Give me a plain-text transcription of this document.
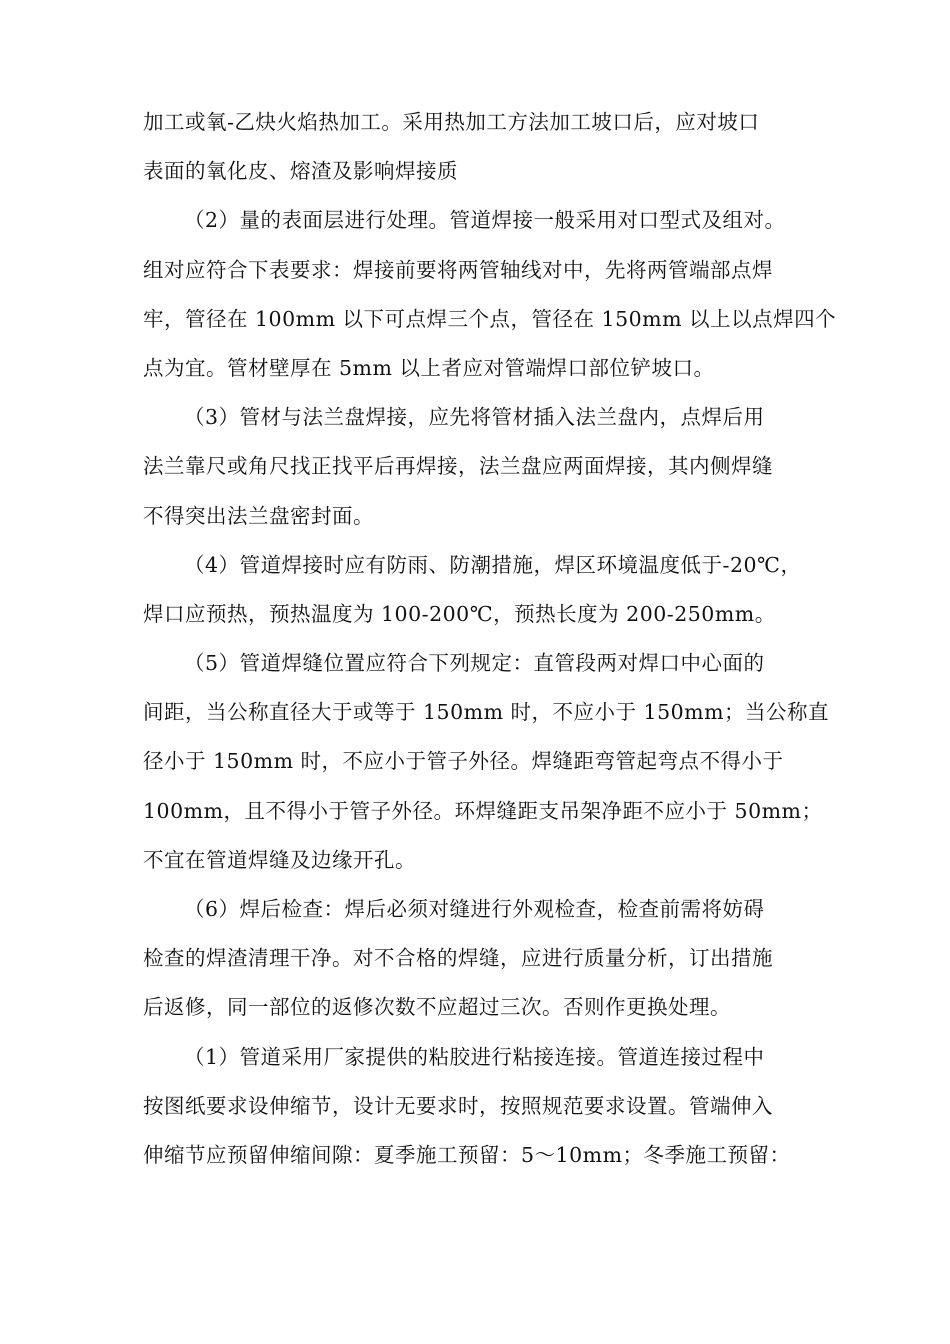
加工或氧-乙炔火焰热加工。采用热加工方法加工坡口后，应对坡口
表面的氧化皮、熔渣及影响焊接质
（2）量的表面层进行处理。管道焊接一般采用对口型式及组对。
组对应符合下表要求：焊接前要将两管轴线对中，先将两管端部点焊
牢，管径在 100mm 以下可点焊三个点，管径在 150mm 以上以点焊四个
点为宜。管材壁厚在 5mm 以上者应对管端焊口部位铲坡口。
（3）管材与法兰盘焊接，应先将管材插入法兰盘内，点焊后用
法兰靠尺或角尺找正找平后再焊接，法兰盘应两面焊接，其内侧焊缝
不得突出法兰盘密封面。
（4）管道焊接时应有防雨、防潮措施，焊区环境温度低于-20℃，
焊口应预热，预热温度为 100-200℃，预热长度为 200-250mm。
（5）管道焊缝位置应符合下列规定：直管段两对焊口中心面的
间距，当公称直径大于或等于 150mm 时，不应小于 150mm；当公称直
径小于 150mm 时，不应小于管子外径。焊缝距弯管起弯点不得小于
100mm，且不得小于管子外径。环焊缝距支吊架净距不应小于 50mm；
不宜在管道焊缝及边缘开孔。
（6）焊后检查：焊后必须对缝进行外观检查，检查前需将妨碍
检查的焊渣清理干净。对不合格的焊缝，应进行质量分析，订出措施
后返修，同一部位的返修次数不应超过三次。否则作更换处理。
（1）管道采用厂家提供的粘胶进行粘接连接。管道连接过程中
按图纸要求设伸缩节，设计无要求时，按照规范要求设置。管端伸入
伸缩节应预留伸缩间隙：夏季施工预留：5～10mm；冬季施工预留：
